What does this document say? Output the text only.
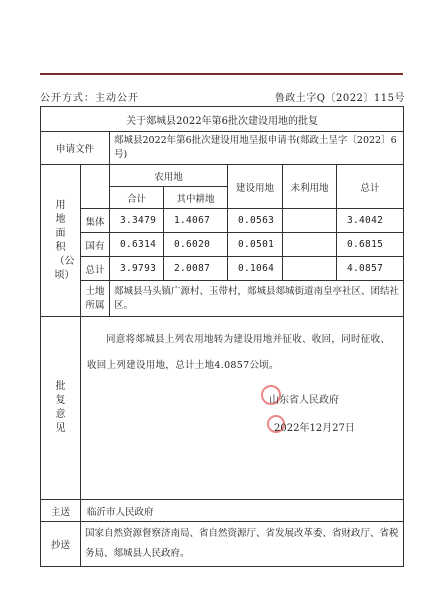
公开方式：主动公开	鲁政土字Q〔2022〕115号
关于郯城县2022年第6批次建设用地的批复						
申请文件		郯城县2022年第6批次建设用地呈报申请书(郯政土呈字〔2022〕6号)				
用地面积（公顷）		农用地		建设用地	未利用地	总计
		合计	其中耕地			
	集体	3.3479	1.4067	0.0563		3.4042
	国有	0.6314	0.6020	0.0501		0.6815
	总计	3.9793	2.0087	0.1064		4.0857
	土地所属	郯城县马头镇广源村、玉带村，郯城县郯城街道南皇亭社区、团结社区。				
批复意见	同意将郯城县上列农用地转为建设用地并征收、收回，同时征收、收回上列建设用地，总计土地4.0857公顷。
山东省人民政府
2022年12月27日					

主送	临沂市人民政府					
抄送	国家自然资源督察济南局、省自然资源厅、省发展改革委、省财政厅、省税务局、郯城县人民政府。					
